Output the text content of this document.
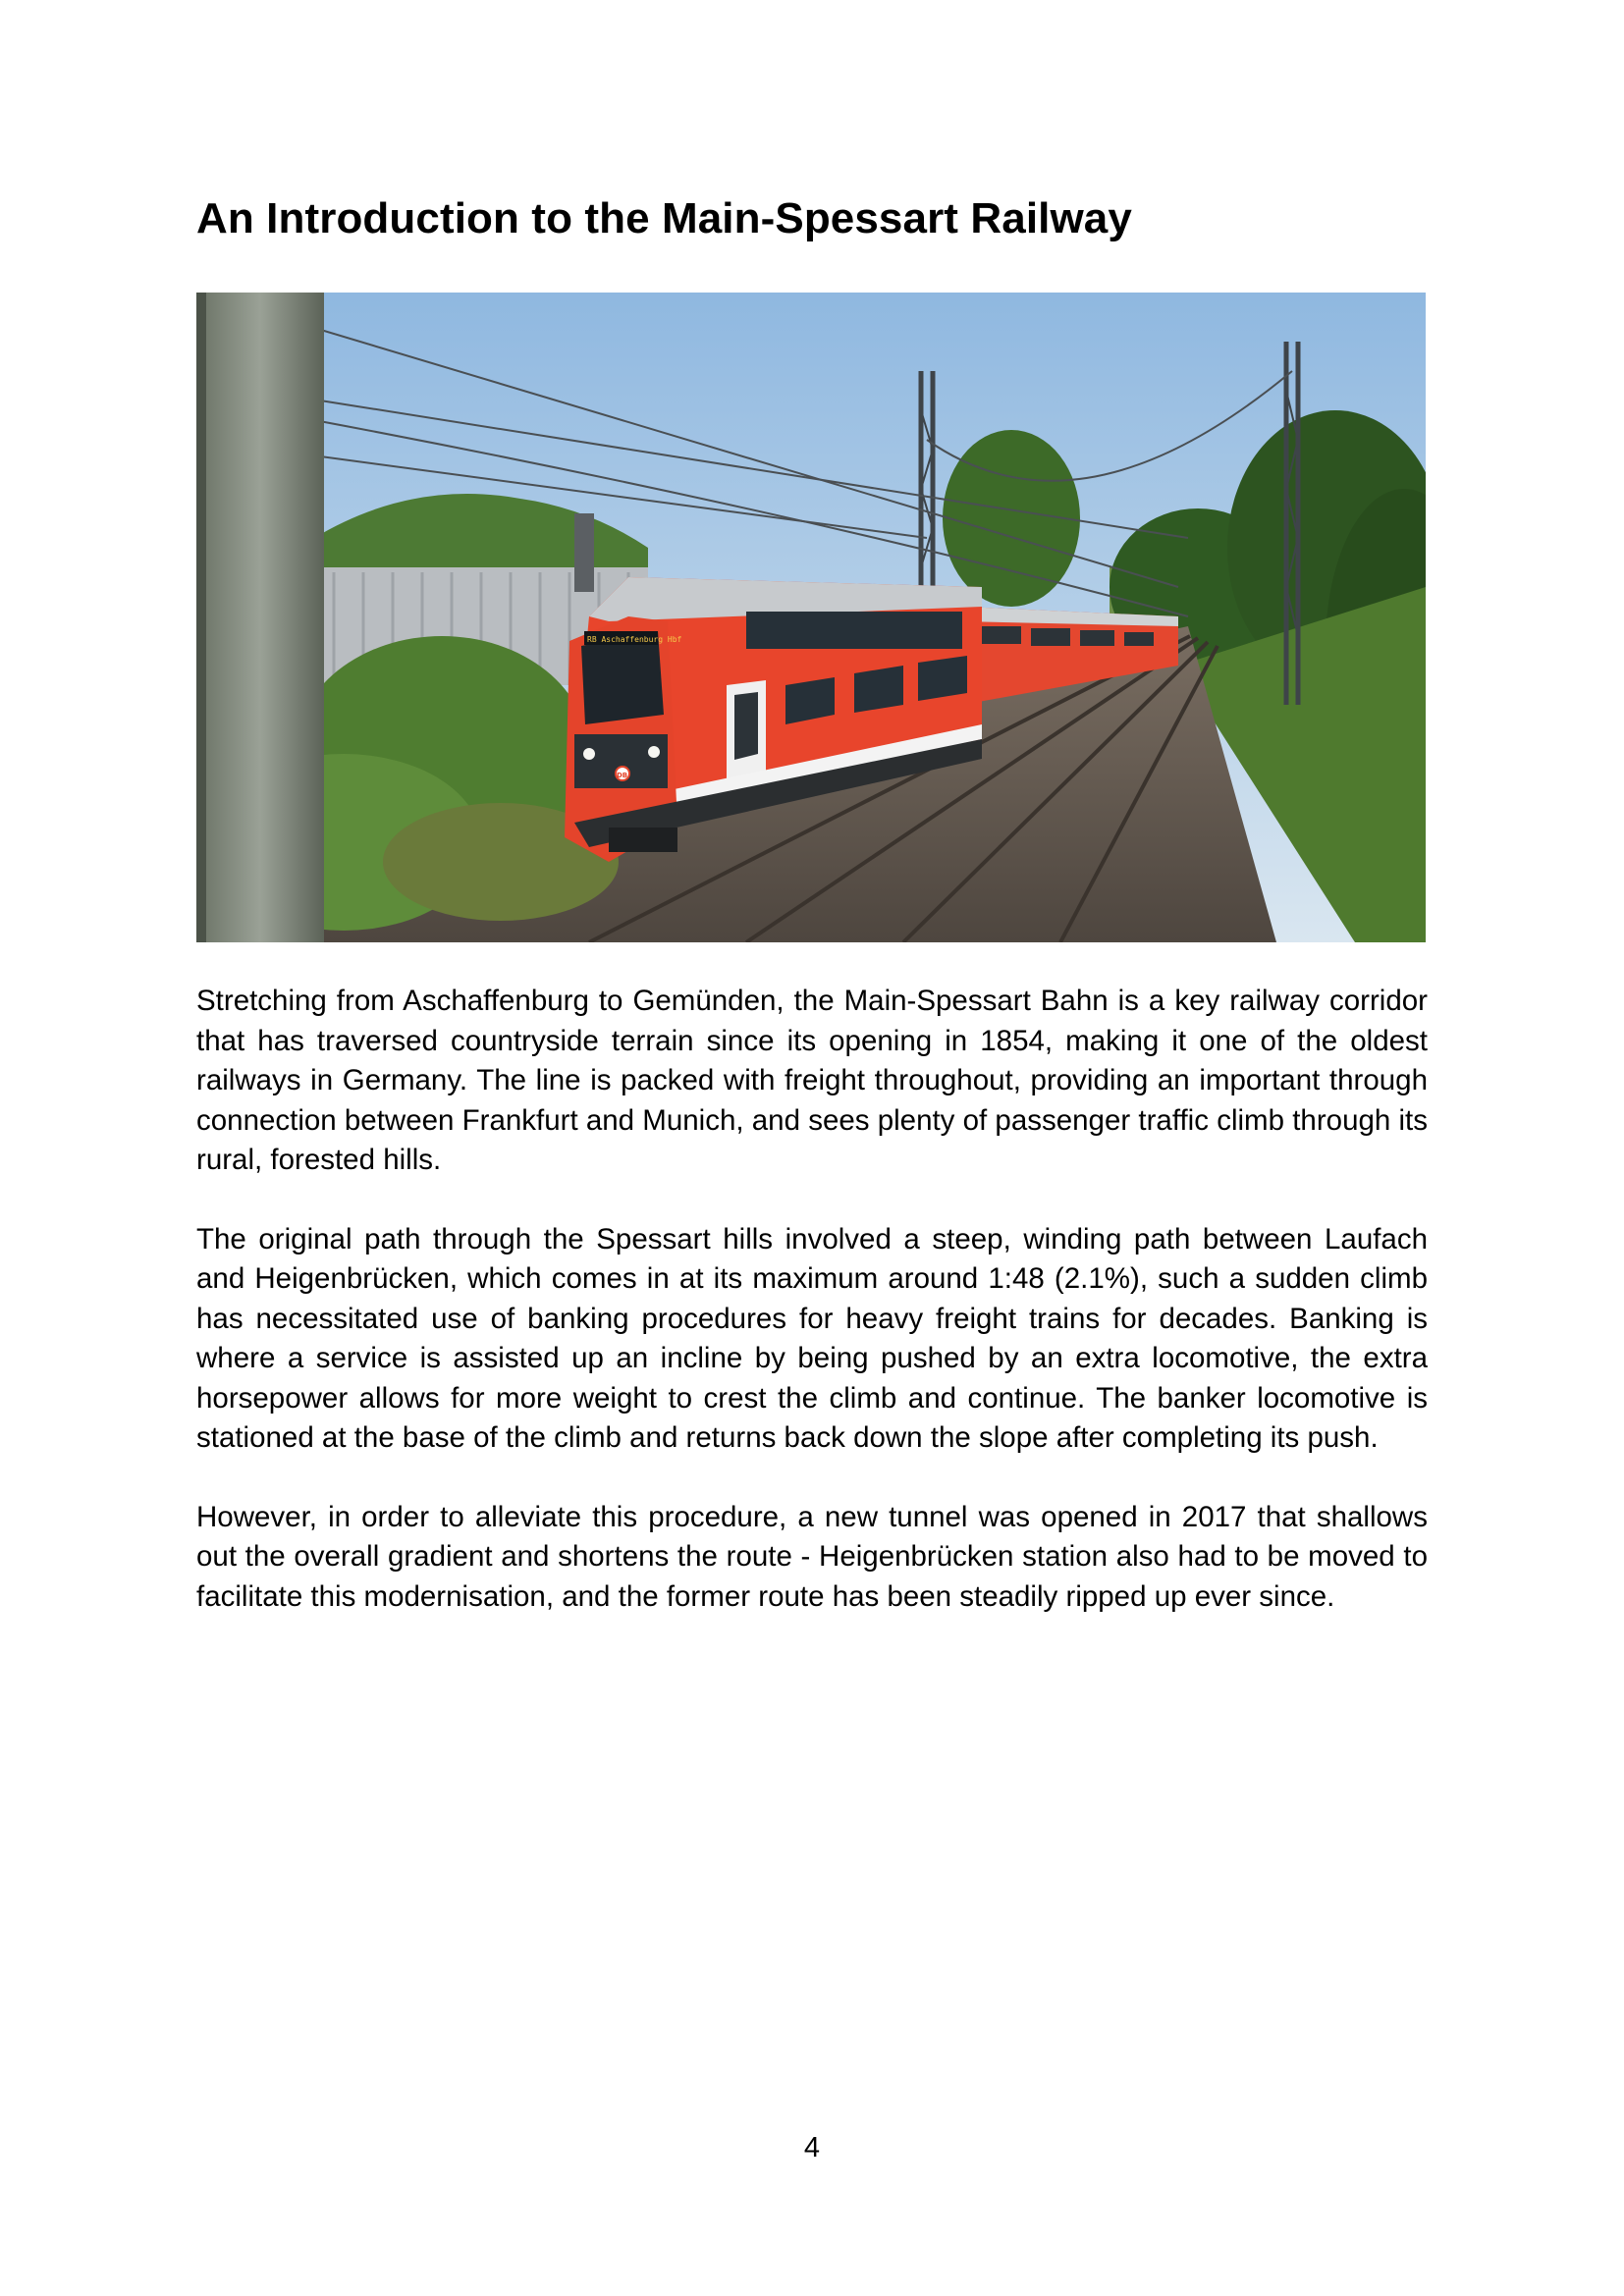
An Introduction to the Main-Spessart Railway
RB Aschaffenburg Hbf
DB

Stretching from Aschaffenburg to Gemünden, the Main-Spessart Bahn is a key railway corridor that has traversed countryside terrain since its opening in 1854, making it one of the oldest railways in Germany. The line is packed with freight throughout, providing an important through connection between Frankfurt and Munich, and sees plenty of passenger traffic climb through its rural, forested hills.

The original path through the Spessart hills involved a steep, winding path between Laufach and Heigenbrücken, which comes in at its maximum around 1:48 (2.1%), such a sudden climb has necessitated use of banking procedures for heavy freight trains for decades. Banking is where a service is assisted up an incline by being pushed by an extra locomotive, the extra horsepower allows for more weight to crest the climb and continue. The banker locomotive is stationed at the base of the climb and returns back down the slope after completing its push.

However, in order to alleviate this procedure, a new tunnel was opened in 2017 that shallows out the overall gradient and shortens the route - Heigenbrücken station also had to be moved to facilitate this modernisation, and the former route has been steadily ripped up ever since.

4
